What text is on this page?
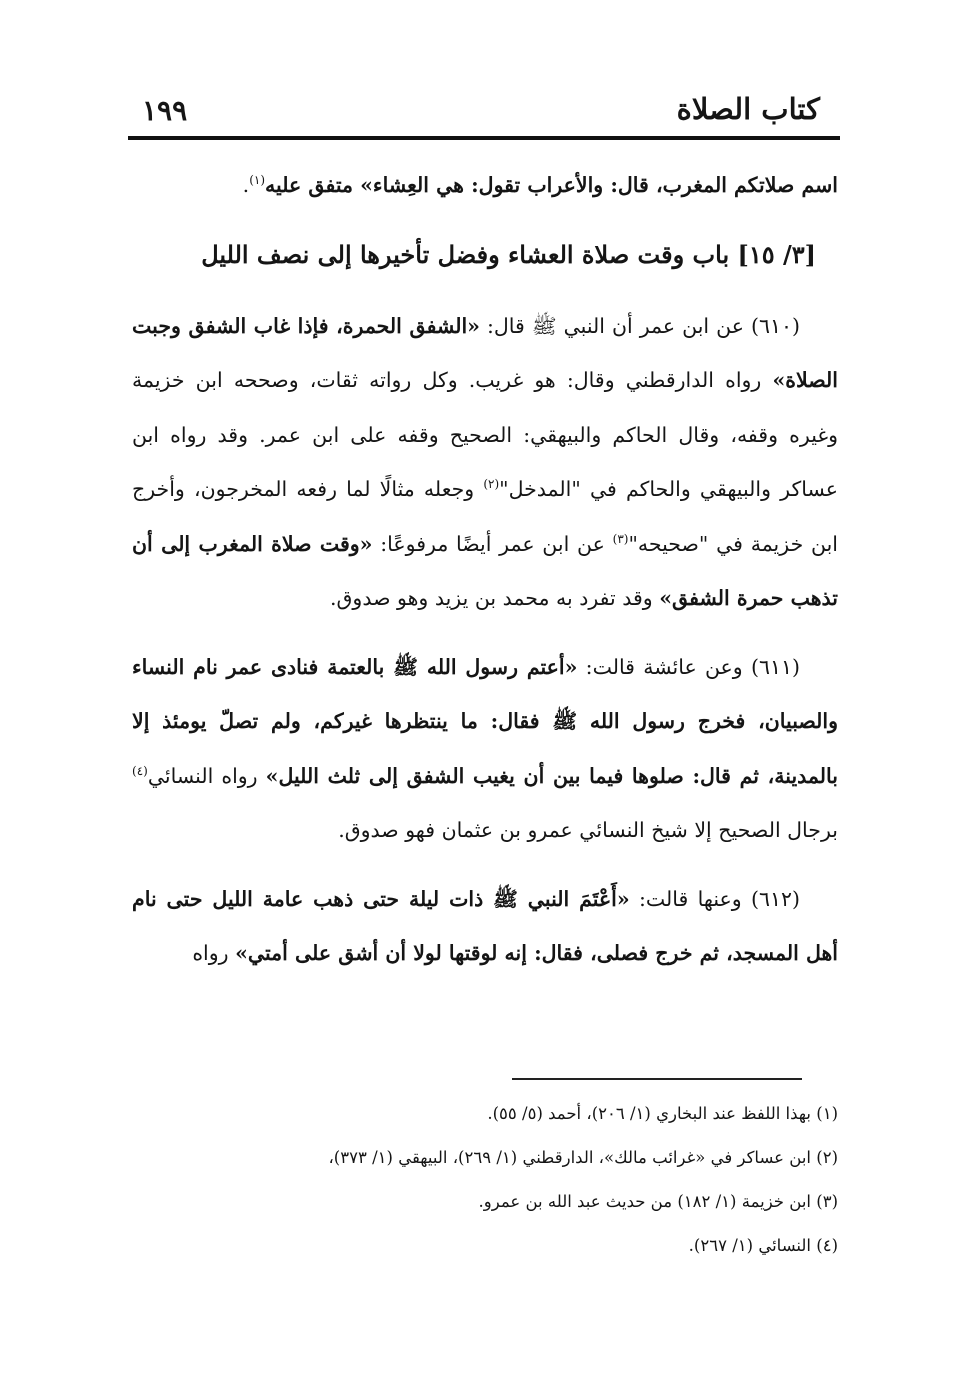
كتاب الصلاة
١٩٩

اسم صلاتكم المغرب، قال: والأعراب تقول: هي العِشاء» متفق عليه$^{(١)}$.

[٣/ ١٥] باب وقت صلاة العشاء وفضل تأخيرها إلى نصف الليل

(٦١٠) عن ابن عمر أن النبي ﷺ قال: «الشفق الحمرة، فإذا غاب الشفق وجبت الصلاة» رواه الدارقطني وقال: هو غريب. وكل رواته ثقات، وصححه ابن خزيمة وغيره وقفه، وقال الحاكم والبيهقي: الصحيح وقفه على ابن عمر. وقد رواه ابن عساكر والبيهقي والحاكم في "المدخل"$^{(٢)}$ وجعله مثالًا لما رفعه المخرجون، وأخرج ابن خزيمة في "صحيحه"$^{(٣)}$ عن ابن عمر أيضًا مرفوعًا: «وقت صلاة المغرب إلى أن تذهب حمرة الشفق» وقد تفرد به محمد بن يزيد وهو صدوق.

(٦١١) وعن عائشة قالت: «أعتم رسول الله ﷺ بالعتمة فنادى عمر نام النساء والصبيان، فخرج رسول الله ﷺ فقال: ما ينتظرها غيركم، ولم تصلّ يومئذ إلا بالمدينة، ثم قال: صلوها فيما بين أن يغيب الشفق إلى ثلث الليل» رواه النسائي$^{(٤)}$ برجال الصحيح إلا شيخ النسائي عمرو بن عثمان فهو صدوق.

(٦١٢) وعنها قالت: «أَعْتَمَ النبي ﷺ ذات ليلة حتى ذهب عامة الليل حتى نام أهل المسجد، ثم خرج فصلى، فقال: إنه لوقتها لولا أن أشق على أمتي» رواه

(١) بهذا اللفظ عند البخاري (١/ ٢٠٦)، أحمد (٥/ ٥٥).
(٢) ابن عساكر في «غرائب مالك»، الدارقطني (١/ ٢٦٩)، البيهقي (١/ ٣٧٣)،
(٣) ابن خزيمة (١/ ١٨٢) من حديث عبد الله بن عمرو.
(٤) النسائي (١/ ٢٦٧).
